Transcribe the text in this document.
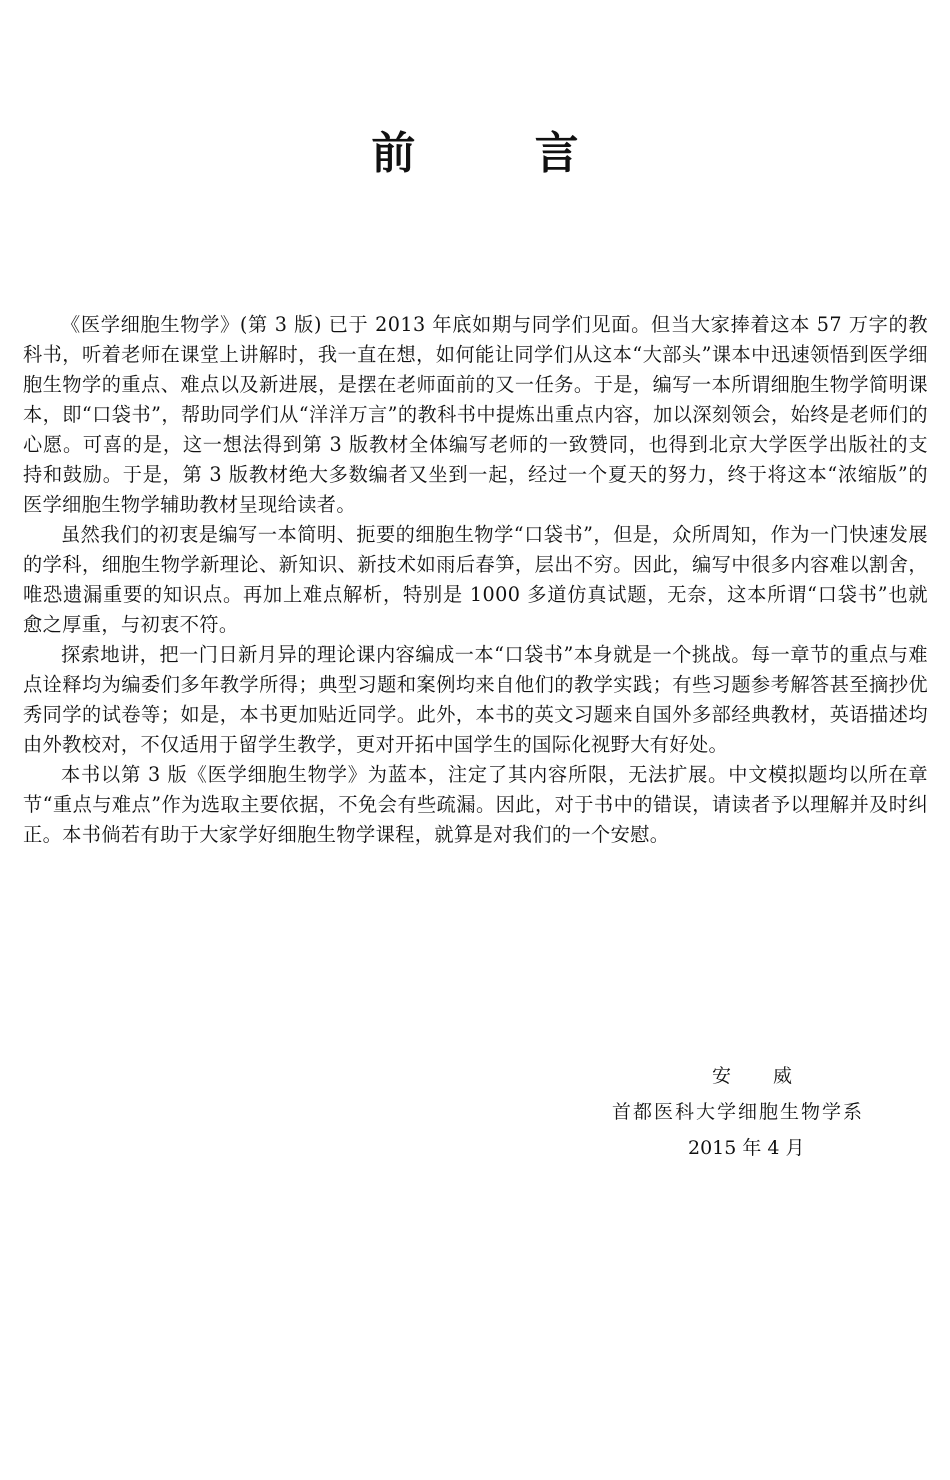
前 言

《医学细胞生物学》(第 3 版) 已于 2013 年底如期与同学们见面。但当大家捧着这本 57 万字的教科书，听着老师在课堂上讲解时，我一直在想，如何能让同学们从这本“大部头”课本中迅速领悟到医学细胞生物学的重点、难点以及新进展，是摆在老师面前的又一任务。于是，编写一本所谓细胞生物学简明课本，即“口袋书”，帮助同学们从“洋洋万言”的教科书中提炼出重点内容，加以深刻领会，始终是老师们的心愿。可喜的是，这一想法得到第 3 版教材全体编写老师的一致赞同，也得到北京大学医学出版社的支持和鼓励。于是，第 3 版教材绝大多数编者又坐到一起，经过一个夏天的努力，终于将这本“浓缩版”的医学细胞生物学辅助教材呈现给读者。

虽然我们的初衷是编写一本简明、扼要的细胞生物学“口袋书”，但是，众所周知，作为一门快速发展的学科，细胞生物学新理论、新知识、新技术如雨后春笋，层出不穷。因此，编写中很多内容难以割舍，唯恐遗漏重要的知识点。再加上难点解析，特别是 1000 多道仿真试题，无奈，这本所谓“口袋书”也就愈之厚重，与初衷不符。

探索地讲，把一门日新月异的理论课内容编成一本“口袋书”本身就是一个挑战。每一章节的重点与难点诠释均为编委们多年教学所得；典型习题和案例均来自他们的教学实践；有些习题参考解答甚至摘抄优秀同学的试卷等；如是，本书更加贴近同学。此外，本书的英文习题来自国外多部经典教材，英语描述均由外教校对，不仅适用于留学生教学，更对开拓中国学生的国际化视野大有好处。

本书以第 3 版《医学细胞生物学》为蓝本，注定了其内容所限，无法扩展。中文模拟题均以所在章节“重点与难点”作为选取主要依据，不免会有些疏漏。因此，对于书中的错误，请读者予以理解并及时纠正。本书倘若有助于大家学好细胞生物学课程，就算是对我们的一个安慰。

安 威
首都医科大学细胞生物学系
2015 年 4 月
